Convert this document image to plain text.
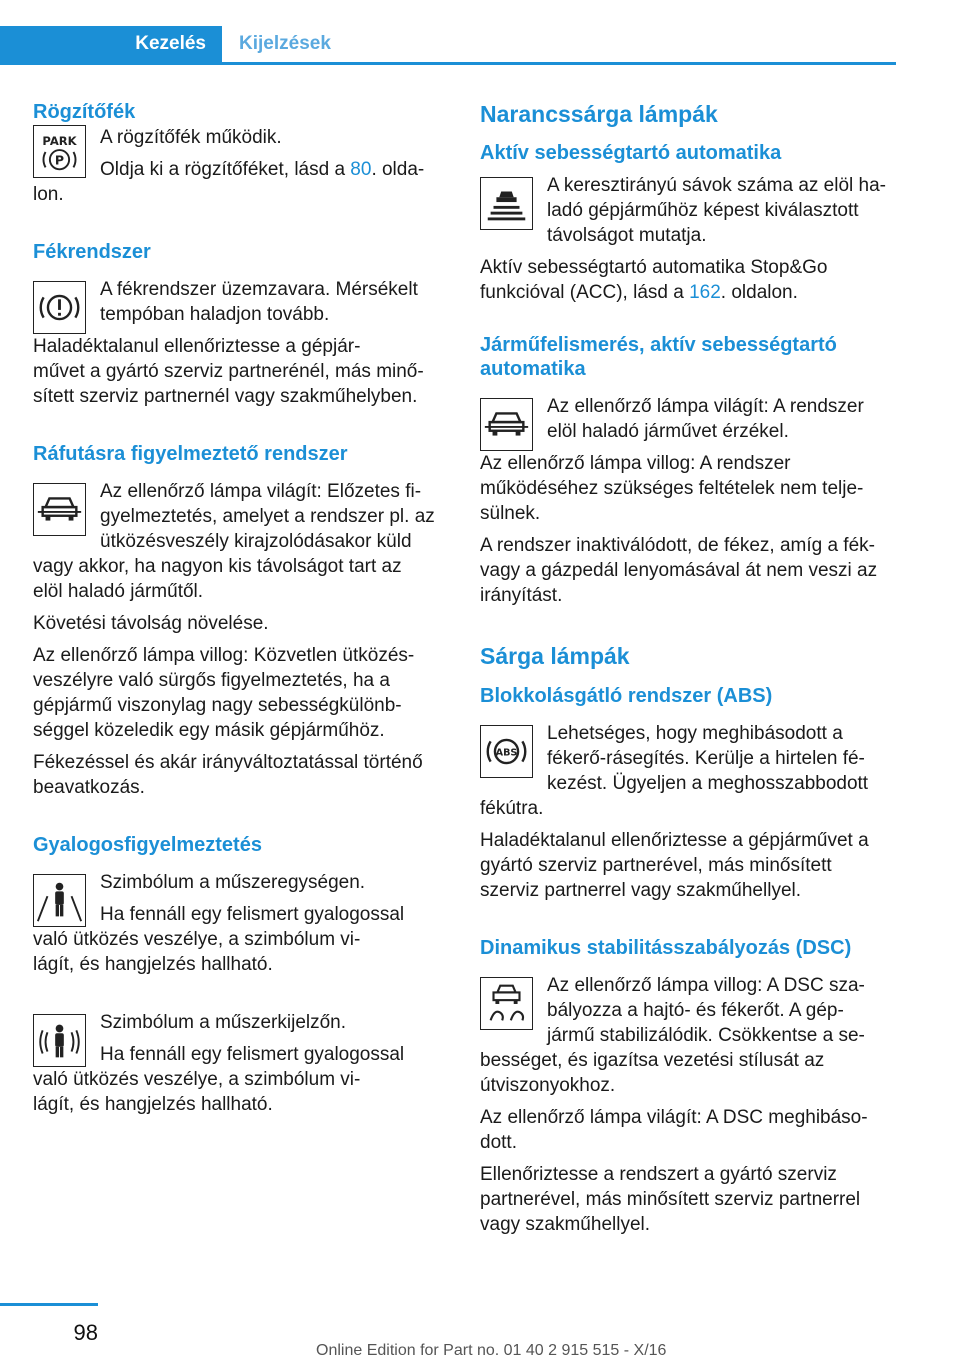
Kezelés	Kijelzések

Rögzítőfék

PARK
P

A rögzítőfék működik.

Oldja ki a rögzítőféket, lásd a 80. olda‐
lon.

Fékrendszer

A fékrendszer üzemzavara. Mérsékelt
tempóban haladjon tovább.

Haladéktalanul ellenőriztesse a gépjár‐
művet a gyártó szerviz partnerénél, más minő‐
sített szerviz partnernél vagy szakműhelyben.

Ráfutásra figyelmeztető rendszer

Az ellenőrző lámpa világít: Előzetes fi‐
gyelmeztetés, amelyet a rendszer pl. az
ütközésveszély kirajzolódásakor küld
vagy akkor, ha nagyon kis távolságot tart az
elöl haladó járműtől.

Követési távolság növelése.

Az ellenőrző lámpa villog: Közvetlen ütközés‐
veszélyre való sürgős figyelmeztetés, ha a
gépjármű viszonylag nagy sebességkülönb‐
séggel közeledik egy másik gépjárműhöz.

Fékezéssel és akár irányváltoztatással történő
beavatkozás.

Gyalogosfigyelmeztetés

Szimbólum a műszeregységen.

Ha fennáll egy felismert gyalogossal
való ütközés veszélye, a szimbólum vi‐
lágít, és hangjelzés hallható.

Szimbólum a műszerkijelzőn.

Ha fennáll egy felismert gyalogossal
való ütközés veszélye, a szimbólum vi‐
lágít, és hangjelzés hallható.

Narancssárga lámpák

Aktív sebességtartó automatika

A keresztirányú sávok száma az elöl ha‐
ladó gépjárműhöz képest kiválasztott
távolságot mutatja.

Aktív sebességtartó automatika Stop&Go
funkcióval (ACC), lásd a 162. oldalon.

Járműfelismerés, aktív sebességtartó
automatika

Az ellenőrző lámpa világít: A rendszer
elöl haladó járművet érzékel.

Az ellenőrző lámpa villog: A rendszer
működéséhez szükséges feltételek nem telje‐
sülnek.

A rendszer inaktiválódott, de fékez, amíg a fék‐
vagy a gázpedál lenyomásával át nem veszi az
irányítást.

Sárga lámpák

Blokkolásgátló rendszer (ABS)

ABS

Lehetséges, hogy meghibásodott a
fékerő-rásegítés. Kerülje a hirtelen fé‐
kezést. Ügyeljen a meghosszabbodott
fékútra.

Haladéktalanul ellenőriztesse a gépjárművet a
gyártó szerviz partnerével, más minősített
szerviz partnerrel vagy szakműhellyel.

Dinamikus stabilitásszabályozás (DSC)

Az ellenőrző lámpa villog: A DSC sza‐
bályozza a hajtó- és fékerőt. A gép‐
jármű stabilizálódik. Csökkentse a se‐
bességet, és igazítsa vezetési stílusát az
útviszonyokhoz.

Az ellenőrző lámpa világít: A DSC meghibáso‐
dott.

Ellenőriztesse a rendszert a gyártó szerviz
partnerével, más minősített szerviz partnerrel
vagy szakműhellyel.

98
Online Edition for Part no. 01 40 2 915 515 - X/16
